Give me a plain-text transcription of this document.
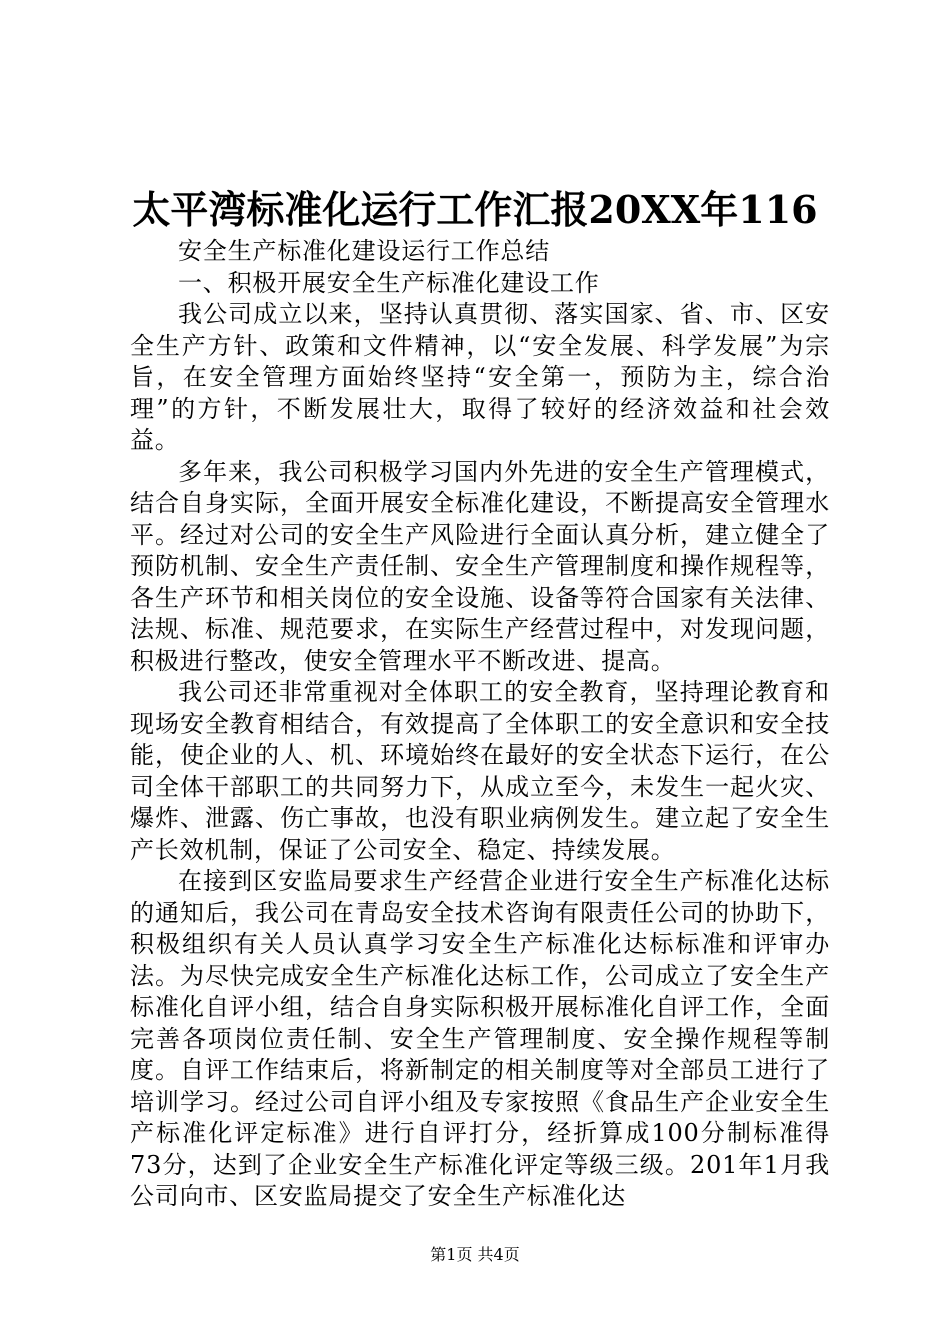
太平湾标准化运行工作汇报20XX年116

安全生产标准化建设运行工作总结

一、积极开展安全生产标准化建设工作

我公司成立以来，坚持认真贯彻、落实国家、省、市、区安全生产方针、政策和文件精神，以“安全发展、科学发展”为宗旨，在安全管理方面始终坚持“安全第一，预防为主，综合治理”的方针，不断发展壮大，取得了较好的经济效益和社会效益。

多年来，我公司积极学习国内外先进的安全生产管理模式，结合自身实际，全面开展安全标准化建设，不断提高安全管理水平。经过对公司的安全生产风险进行全面认真分析，建立健全了预防机制、安全生产责任制、安全生产管理制度和操作规程等，各生产环节和相关岗位的安全设施、设备等符合国家有关法律、法规、标准、规范要求，在实际生产经营过程中，对发现问题，积极进行整改，使安全管理水平不断改进、提高。

我公司还非常重视对全体职工的安全教育，坚持理论教育和现场安全教育相结合，有效提高了全体职工的安全意识和安全技能，使企业的人、机、环境始终在最好的安全状态下运行，在公司全体干部职工的共同努力下，从成立至今，未发生一起火灾、爆炸、泄露、伤亡事故，也没有职业病例发生。建立起了安全生产长效机制，保证了公司安全、稳定、持续发展。

在接到区安监局要求生产经营企业进行安全生产标准化达标的通知后，我公司在青岛安全技术咨询有限责任公司的协助下，积极组织有关人员认真学习安全生产标准化达标标准和评审办法。为尽快完成安全生产标准化达标工作，公司成立了安全生产标准化自评小组，结合自身实际积极开展标准化自评工作，全面完善各项岗位责任制、安全生产管理制度、安全操作规程等制度。自评工作结束后，将新制定的相关制度等对全部员工进行了培训学习。经过公司自评小组及专家按照《食品生产企业安全生产标准化评定标准》进行自评打分，经折算成100分制标准得73分，达到了企业安全生产标准化评定等级三级。201年1月我公司向市、区安监局提交了安全生产标准化达

第1页 共4页
